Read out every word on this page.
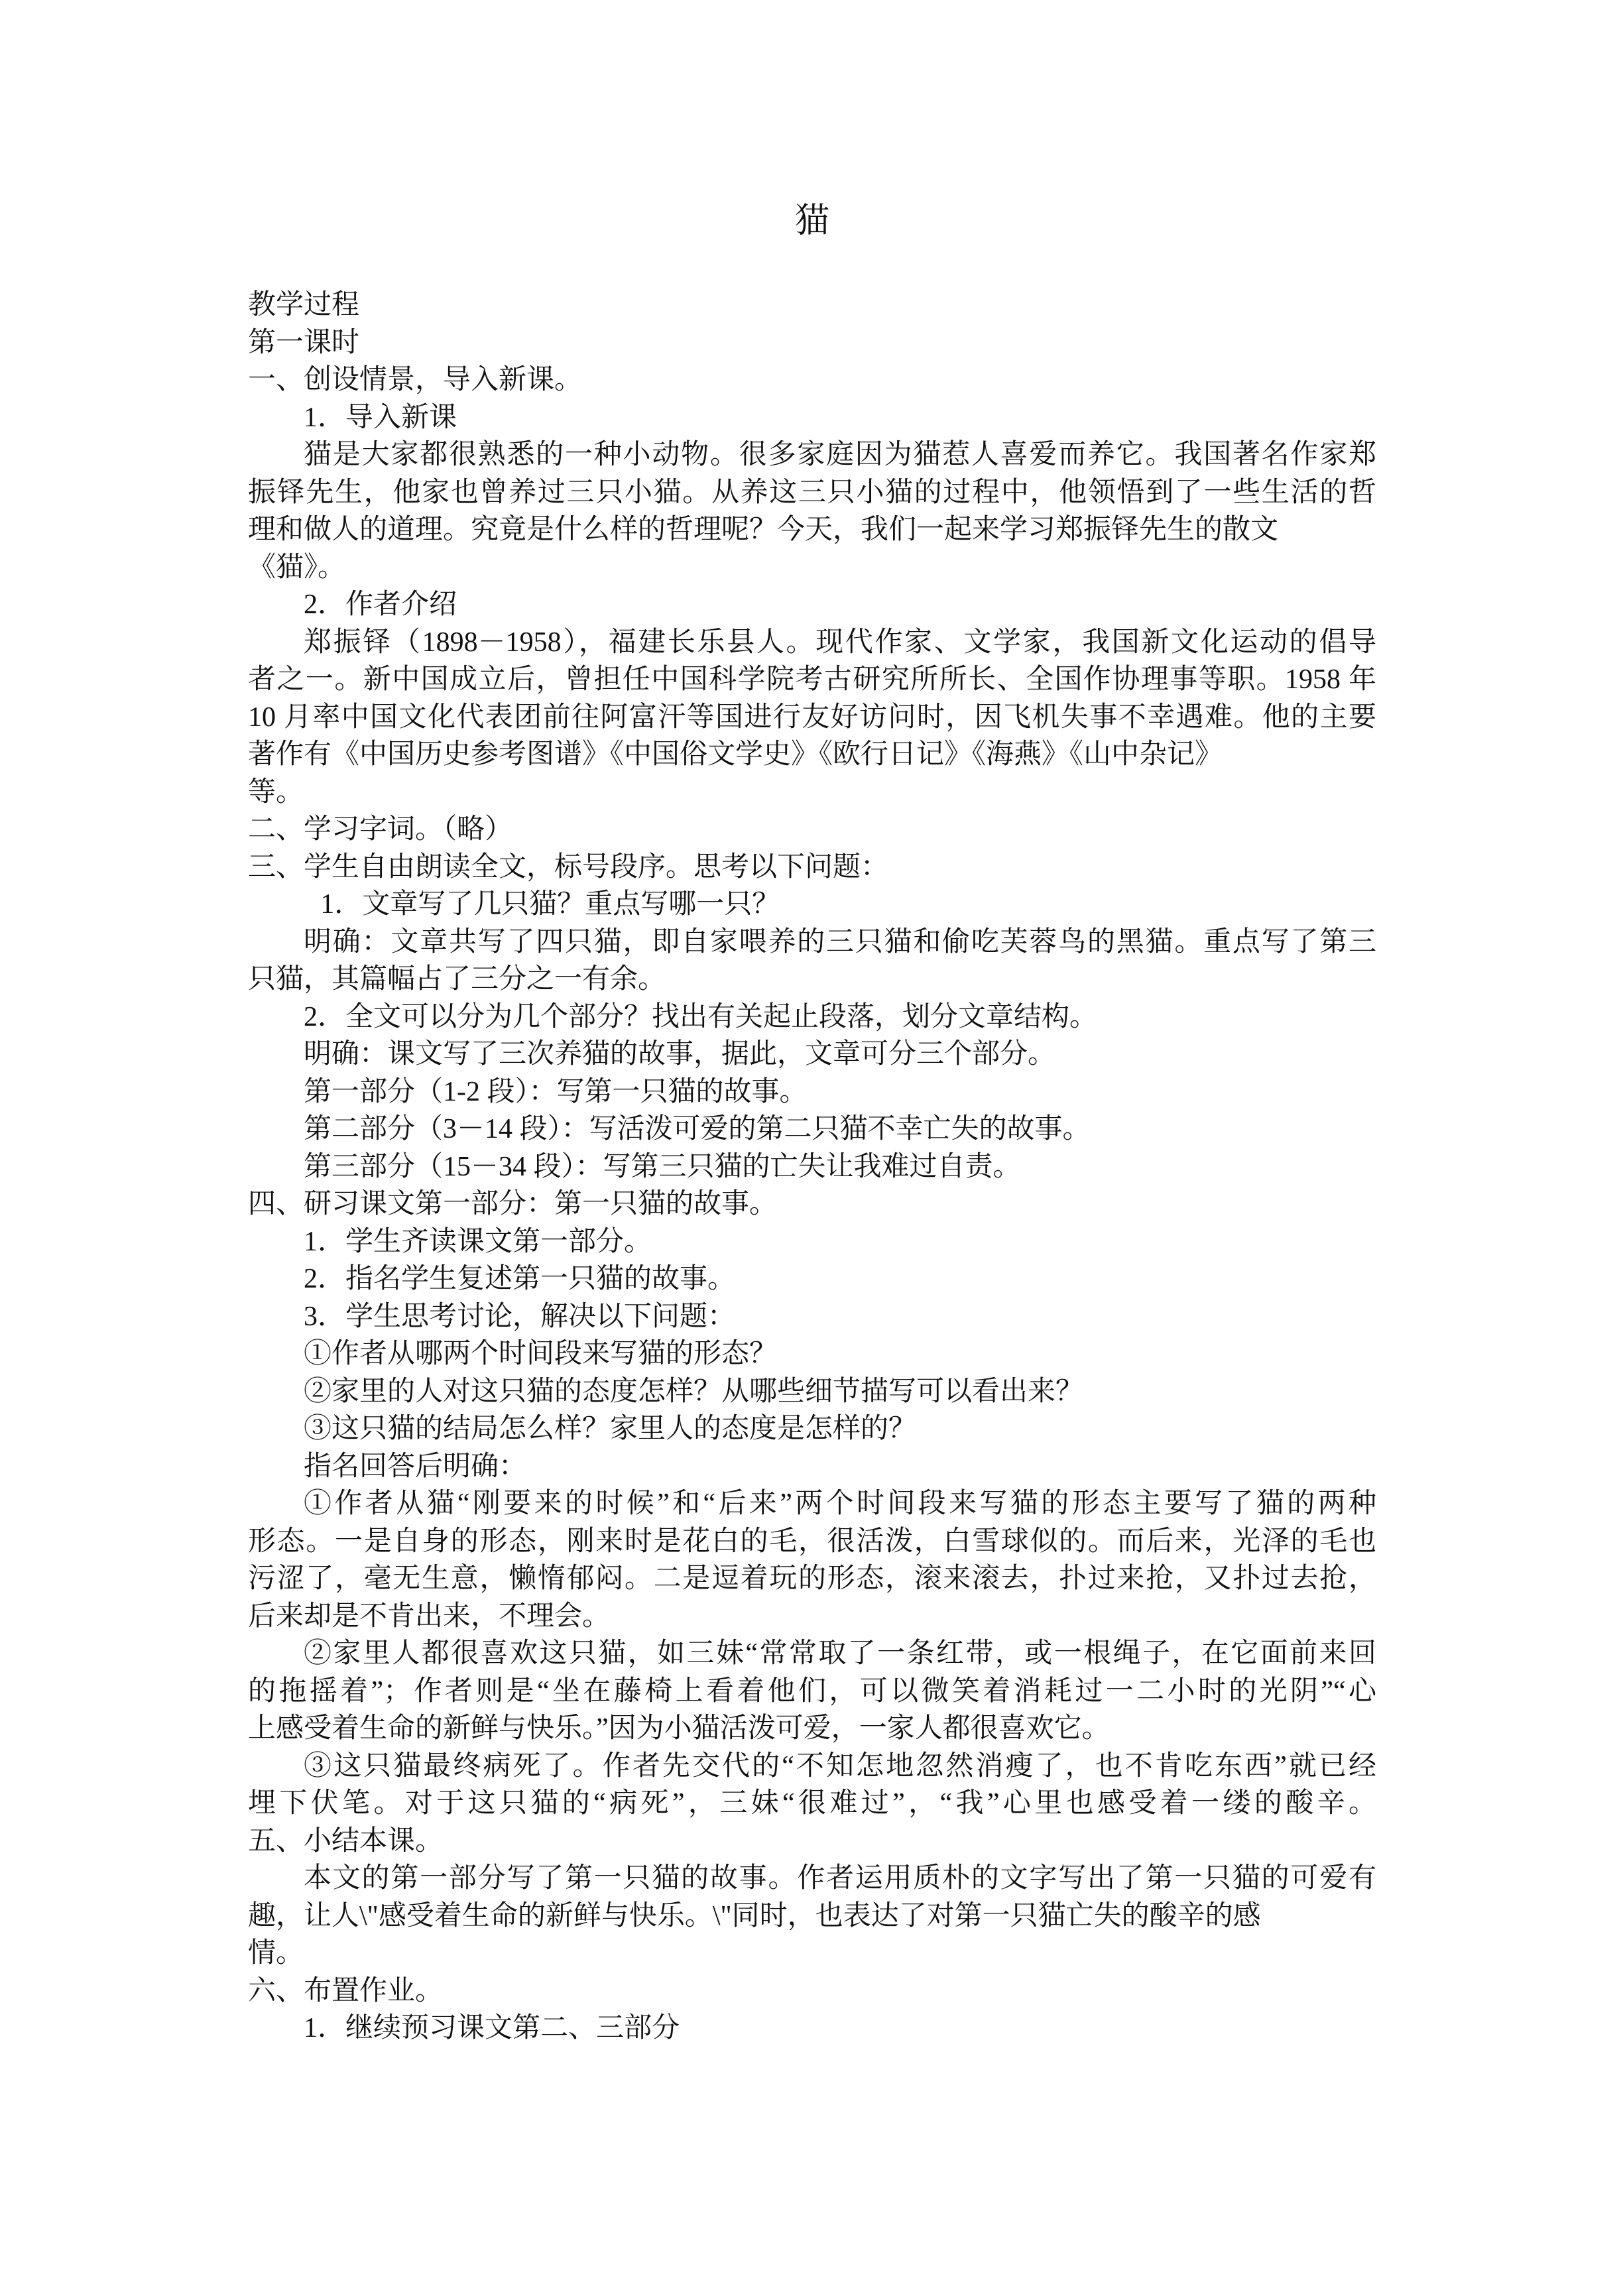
猫

教学过程

第一课时

一、创设情景，导入新课。

1．导入新课

猫是大家都很熟悉的一种小动物。很多家庭因为猫惹人喜爱而养它。我国著名作家郑

振铎先生，他家也曾养过三只小猫。从养这三只小猫的过程中，他领悟到了一些生活的哲

理和做人的道理。究竟是什么样的哲理呢？今天，我们一起来学习郑振铎先生的散文

《猫》。

2．作者介绍

郑振铎（1898－1958），福建长乐县人。现代作家、文学家，我国新文化运动的倡导

者之一。新中国成立后，曾担任中国科学院考古研究所所长、全国作协理事等职。1958 年

10 月率中国文化代表团前往阿富汗等国进行友好访问时，因飞机失事不幸遇难。他的主要

著作有《中国历史参考图谱》《中国俗文学史》《欧行日记》《海燕》《山中杂记》

等。

二、学习字词。（略）

三、学生自由朗读全文，标号段序。思考以下问题：

1．文章写了几只猫？重点写哪一只？

明确：文章共写了四只猫，即自家喂养的三只猫和偷吃芙蓉鸟的黑猫。重点写了第三

只猫，其篇幅占了三分之一有余。

2．全文可以分为几个部分？找出有关起止段落，划分文章结构。

明确：课文写了三次养猫的故事，据此，文章可分三个部分。

第一部分（1-2 段）：写第一只猫的故事。

第二部分（3－14 段）：写活泼可爱的第二只猫不幸亡失的故事。

第三部分（15－34 段）：写第三只猫的亡失让我难过自责。

四、研习课文第一部分：第一只猫的故事。

1．学生齐读课文第一部分。

2．指名学生复述第一只猫的故事。

3．学生思考讨论，解决以下问题：

①作者从哪两个时间段来写猫的形态？

②家里的人对这只猫的态度怎样？从哪些细节描写可以看出来？

③这只猫的结局怎么样？家里人的态度是怎样的？

指名回答后明确：

①作者从猫“刚要来的时候”和“后来”两个时间段来写猫的形态主要写了猫的两种

形态。一是自身的形态，刚来时是花白的毛，很活泼，白雪球似的。而后来，光泽的毛也

污涩了，毫无生意，懒惰郁闷。二是逗着玩的形态，滚来滚去，扑过来抢，又扑过去抢，

后来却是不肯出来，不理会。

②家里人都很喜欢这只猫，如三妹“常常取了一条红带，或一根绳子，在它面前来回

的拖摇着”；作者则是“坐在藤椅上看着他们，可以微笑着消耗过一二小时的光阴”“心

上感受着生命的新鲜与快乐。”因为小猫活泼可爱，一家人都很喜欢它。

③这只猫最终病死了。作者先交代的“不知怎地忽然消瘦了，也不肯吃东西”就已经

埋下伏笔。对于这只猫的“病死”，三妹“很难过”，“我”心里也感受着一缕的酸辛。

五、小结本课。

本文的第一部分写了第一只猫的故事。作者运用质朴的文字写出了第一只猫的可爱有

趣，让人\"感受着生命的新鲜与快乐。\"同时，也表达了对第一只猫亡失的酸辛的感

情。

六、布置作业。

1．继续预习课文第二、三部分
